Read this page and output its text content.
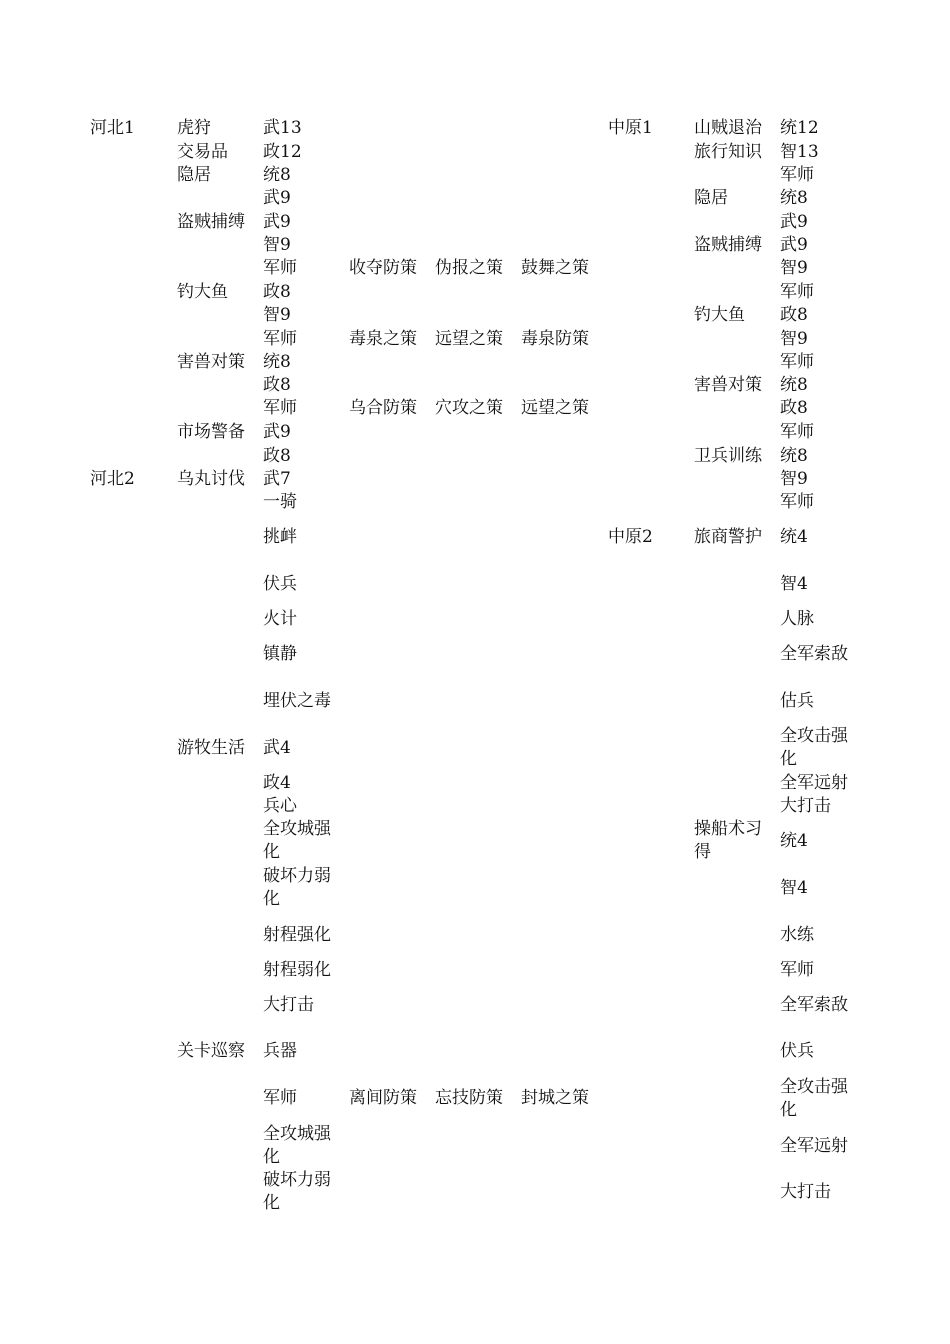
河北1
河北2
虎狩
交易品
隐居
盗贼捕缚
钓大鱼
害兽对策
市场警备
乌丸讨伐
游牧生活
关卡巡察
武13
政12
统8
武9
武9
智9
军师
政8
智9
军师
统8
政8
军师
武9
政8
武7
一骑
挑衅
伏兵
火计
镇静
埋伏之毒
武4
政4
兵心
全攻城强化
破坏力弱化
射程强化
射程弱化
大打击
兵器
军师
全攻城强化
破坏力弱化
收夺防策 伪报之策 鼓舞之策
毒泉之策 远望之策 毒泉防策
乌合防策 穴攻之策 远望之策
离间防策 忘技防策 封城之策
中原1
中原2
山贼退治
旅行知识
隐居
盗贼捕缚
钓大鱼
害兽对策
卫兵训练
旅商警护
操船术习得
统12
智13
军师
统8
武9
武9
智9
军师
政8
智9
军师
统8
政8
军师
统8
智9
军师
统4
智4
人脉
全军索敌
估兵
全攻击强化
全军远射
大打击
统4
智4
水练
军师
全军索敌
伏兵
全攻击强化
全军远射
大打击
